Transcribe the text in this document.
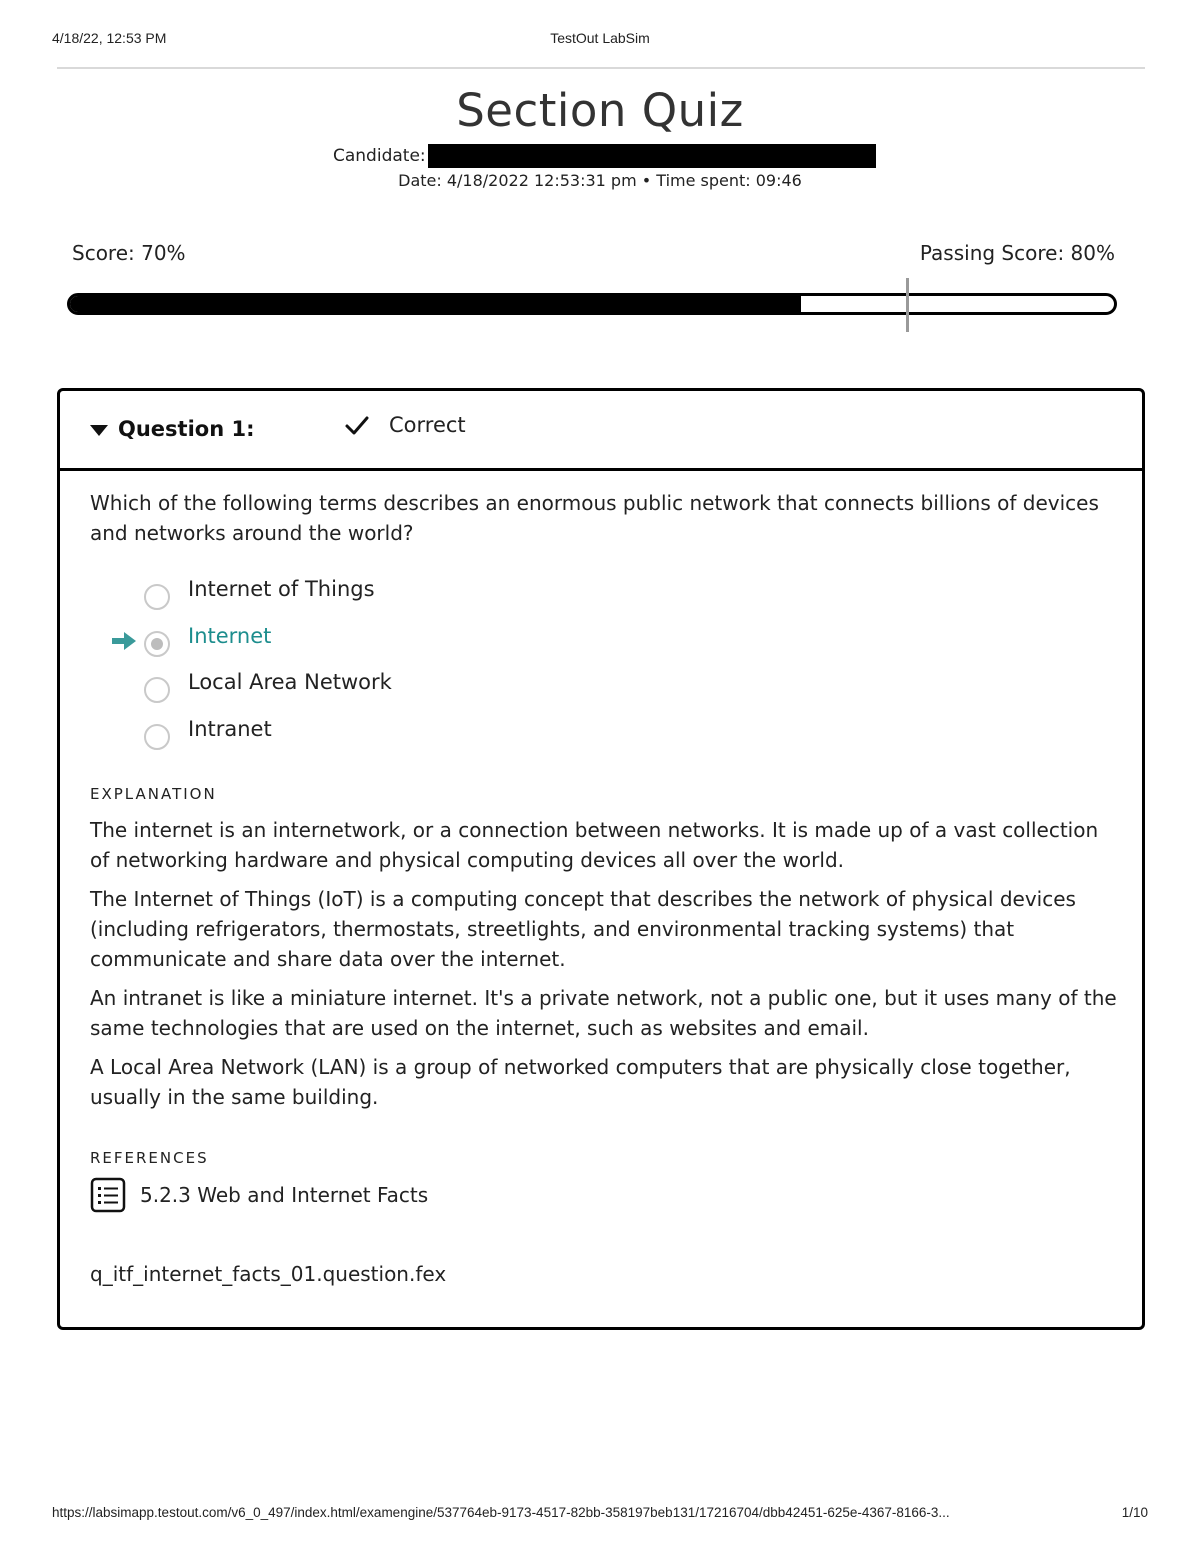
4/18/22, 12:53 PM	TestOut LabSim
Section Quiz
Candidate:
Date: 4/18/2022 12:53:31 pm • Time spent: 09:46
Score: 70%	Passing Score: 80%
Question 1:	Correct
Which of the following terms describes an enormous public network that connects billions of devices and networks around the world?
Internet of Things
Internet
Local Area Network
Intranet
EXPLANATION

The internet is an internetwork, or a connection between networks. It is made up of a vast collection of networking hardware and physical computing devices all over the world.

The Internet of Things (IoT) is a computing concept that describes the network of physical devices (including refrigerators, thermostats, streetlights, and environmental tracking systems) that communicate and share data over the internet.

An intranet is like a miniature internet. It's a private network, not a public one, but it uses many of the same technologies that are used on the internet, such as websites and email.

A Local Area Network (LAN) is a group of networked computers that are physically close together, usually in the same building.

REFERENCES
5.2.3 Web and Internet Facts
q_itf_internet_facts_01.question.fex
https://labsimapp.testout.com/v6_0_497/index.html/examengine/537764eb-9173-4517-82bb-358197beb131/17216704/dbb42451-625e-4367-8166-3...	1/10
